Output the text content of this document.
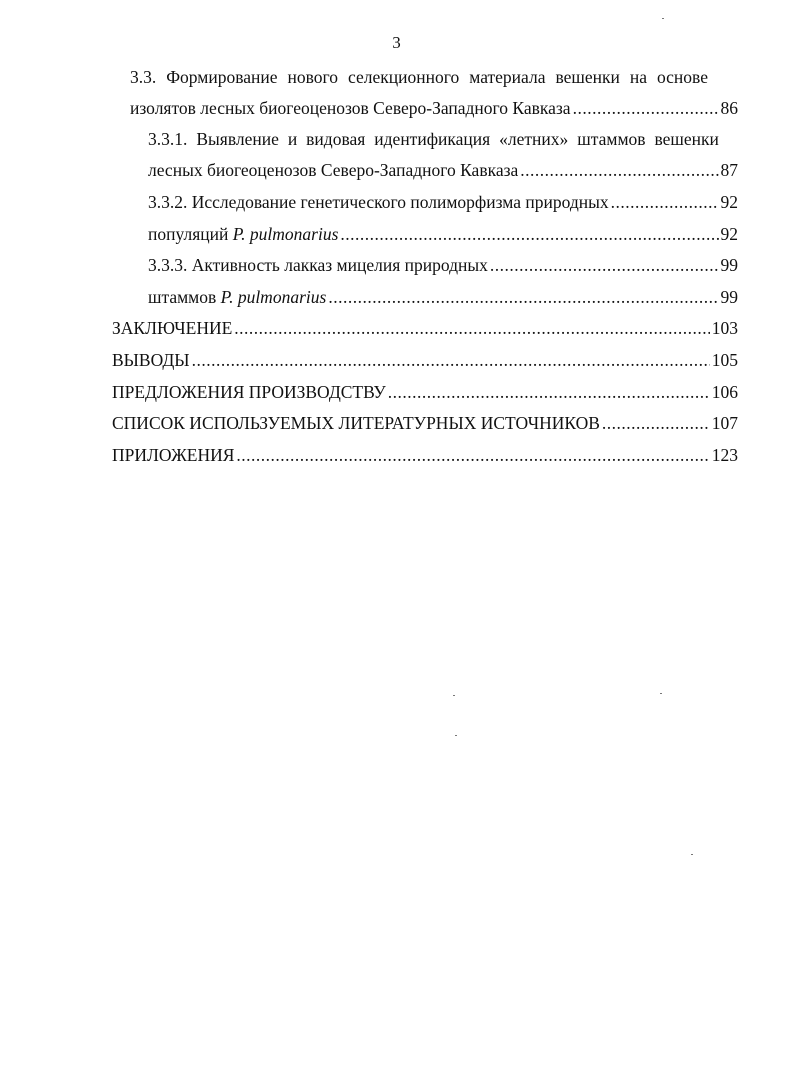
3
3.3. Формирование нового селекционного материала вешенки на основе
изолятов лесных биогеоценозов Северо-Западного Кавказа .....	86
3.3.1. Выявление и видовая идентификация «летних» штаммов вешенки
лесных биогеоценозов Северо-Западного Кавказа .....	87
3.3.2. Исследование генетического полиморфизма природных .....	92
популяций P. pulmonarius .....	92
3.3.3. Активность лакказ мицелия природных .....	99
штаммов P. pulmonarius .....	99
ЗАКЛЮЧЕНИЕ .....	103
ВЫВОДЫ .....	105
ПРЕДЛОЖЕНИЯ ПРОИЗВОДСТВУ .....	106
СПИСОК ИСПОЛЬЗУЕМЫХ ЛИТЕРАТУРНЫХ ИСТОЧНИКОВ .....	107
ПРИЛОЖЕНИЯ .....	123
